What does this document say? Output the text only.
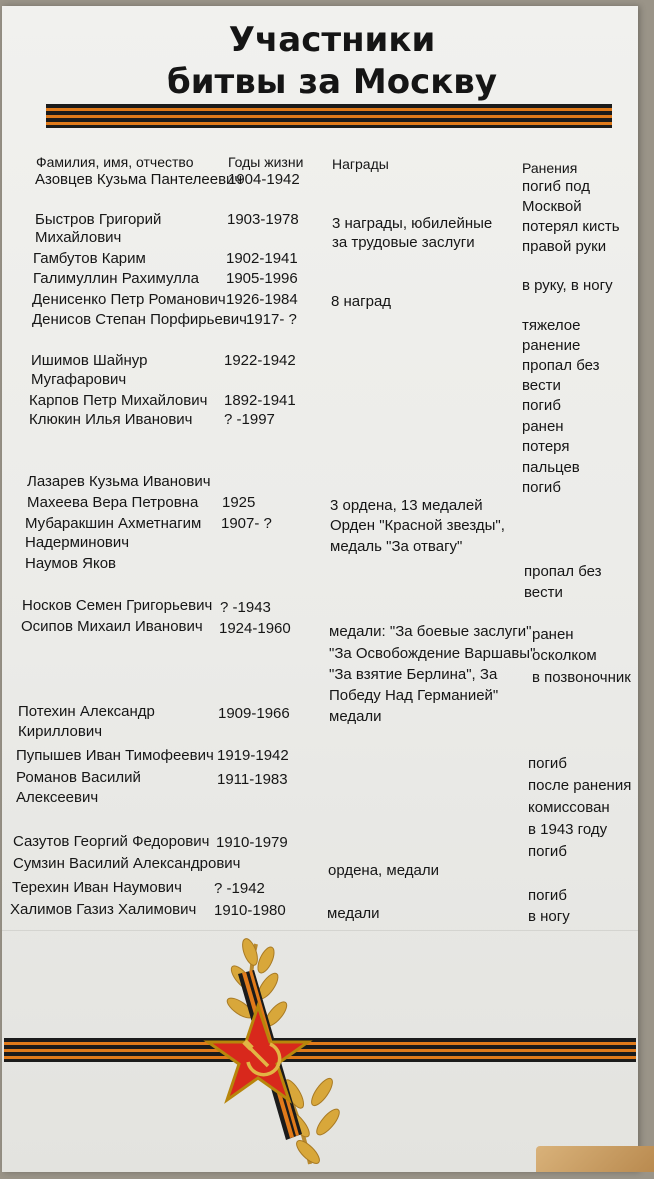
Участники
битвы за Москву

Фамилия, имя, отчество Годы жизни Награды	Ранения

Азовцев Кузьма Пантелеевич

Быстров Григорий

Михайлович

Гамбутов Карим

Галимуллин Рахимулла

Денисенко Петр Романович

Денисов Степан Порфирьевич

Ишимов Шайнур

Мугафарович

Карпов Петр Михайлович

Клюкин Илья Иванович

Лазарев Кузьма Иванович

Махеева Вера Петровна

Мубаракшин Ахметнагим

Надерминович

Наумов Яков

Носков Семен Григорьевич

Осипов Михаил Иванович

Потехин Александр

Кириллович

Пупышев Иван Тимофеевич

Романов Василий

Алексеевич

Сазутов Георгий Федорович

Сумзин Василий Александрович

Терехин Иван Наумович

Халимов Газиз Халимович

1904-1942

1903-1978

1902-1941

1905-1996

1926-1984

1917- ?

1922-1942

1892-1941

? -1997

1925

1907- ?

? -1943

1924-1960

1909-1966

1919-1942

1911-1983

1910-1979

? -1942

1910-1980

3 награды, юбилейные

за трудовые заслуги

8 наград

3 ордена, 13 медалей

Орден "Красной звезды",

медаль "За отвагу"

медали: "За боевые заслуги"

"За Освобождение Варшавы"

"За взятие Берлина", За

Победу Над Германией"

медали

ордена, медали

медали

погиб под

Москвой

потерял кисть

правой руки

в руку, в ногу

тяжелое

ранение

пропал без

вести

погиб

ранен

потеря

пальцев

погиб

пропал без

вести

ранен

осколком

в позвоночник

погиб

после ранения

комиссован

в 1943 году

погиб

погиб

в ногу
